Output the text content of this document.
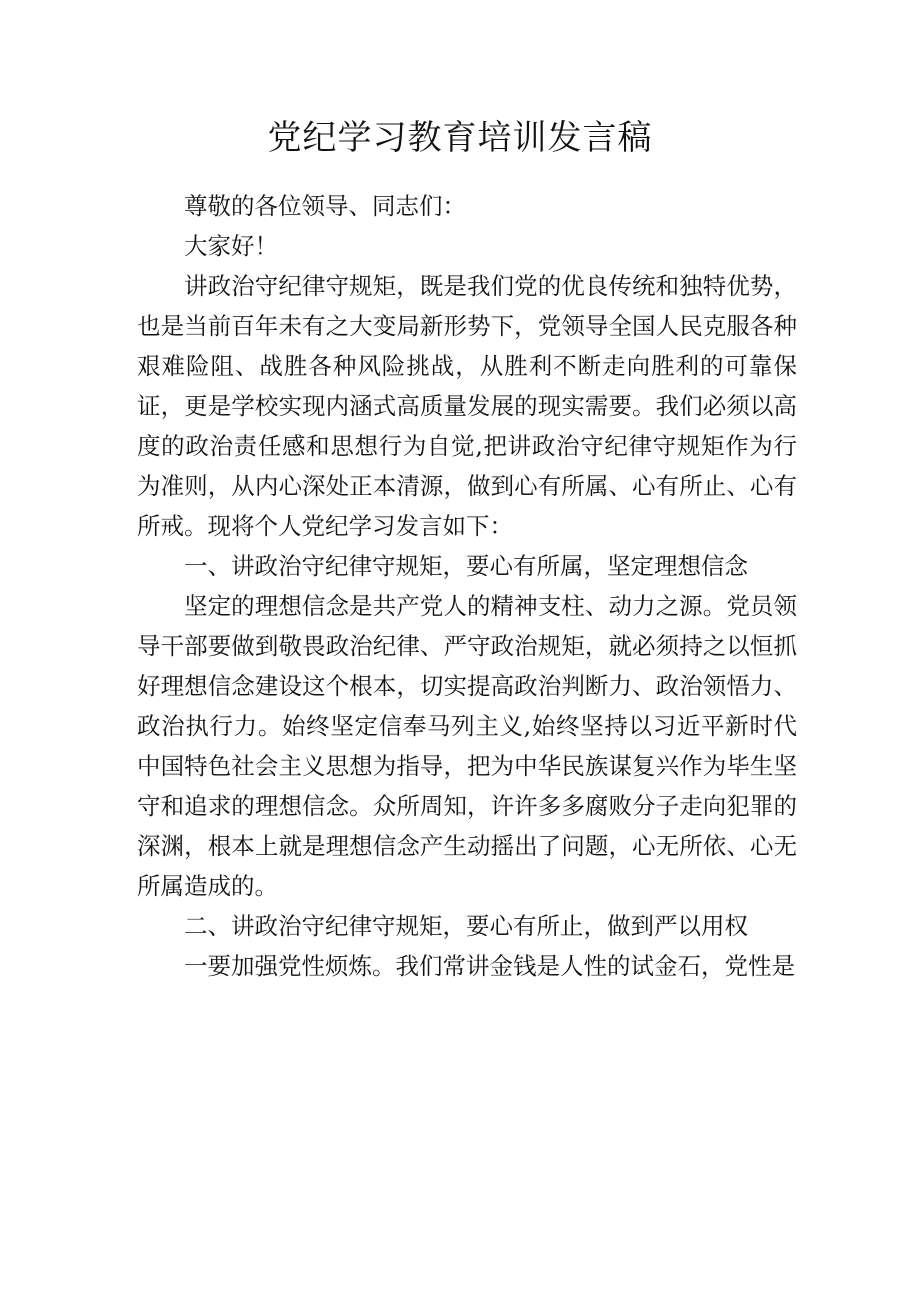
党纪学习教育培训发言稿

尊敬的各位领导、同志们：

大家好！

讲政治守纪律守规矩，既是我们党的优良传统和独特优势，也是当前百年未有之大变局新形势下，党领导全国人民克服各种艰难险阻、战胜各种风险挑战，从胜利不断走向胜利的可靠保证，更是学校实现内涵式高质量发展的现实需要。我们必须以高度的政治责任感和思想行为自觉,把讲政治守纪律守规矩作为行为准则，从内心深处正本清源，做到心有所属、心有所止、心有所戒。现将个人党纪学习发言如下：

一、讲政治守纪律守规矩，要心有所属，坚定理想信念

坚定的理想信念是共产党人的精神支柱、动力之源。党员领导干部要做到敬畏政治纪律、严守政治规矩，就必须持之以恒抓好理想信念建设这个根本，切实提高政治判断力、政治领悟力、政治执行力。始终坚定信奉马列主义,始终坚持以习近平新时代中国特色社会主义思想为指导，把为中华民族谋复兴作为毕生坚守和追求的理想信念。众所周知，许许多多腐败分子走向犯罪的深渊，根本上就是理想信念产生动摇出了问题，心无所依、心无所属造成的。

二、讲政治守纪律守规矩，要心有所止，做到严以用权

一要加强党性烦炼。我们常讲金钱是人性的试金石，党性是
